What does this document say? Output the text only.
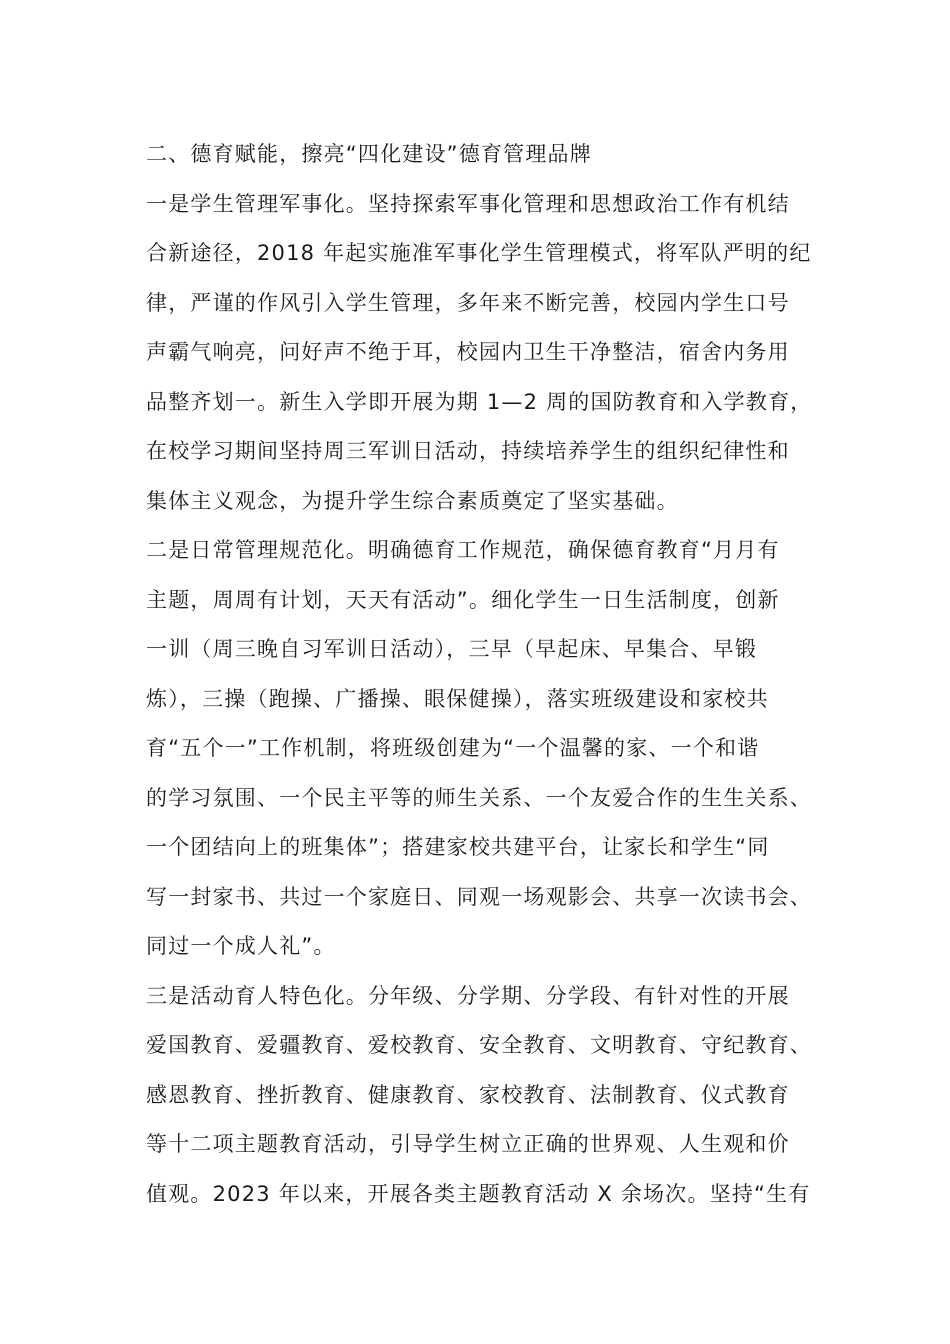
二、德育赋能，擦亮“四化建设”德育管理品牌
一是学生管理军事化。坚持探索军事化管理和思想政治工作有机结
合新途径，2018 年起实施准军事化学生管理模式，将军队严明的纪
律，严谨的作风引入学生管理，多年来不断完善，校园内学生口号
声霸气响亮，问好声不绝于耳，校园内卫生干净整洁，宿舍内务用
品整齐划一。新生入学即开展为期 1—2 周的国防教育和入学教育，
在校学习期间坚持周三军训日活动，持续培养学生的组织纪律性和
集体主义观念，为提升学生综合素质奠定了坚实基础。
二是日常管理规范化。明确德育工作规范，确保德育教育“月月有
主题，周周有计划，天天有活动”。细化学生一日生活制度，创新
一训（周三晚自习军训日活动），三早（早起床、早集合、早锻
炼），三操（跑操、广播操、眼保健操），落实班级建设和家校共
育“五个一”工作机制，将班级创建为“一个温馨的家、一个和谐
的学习氛围、一个民主平等的师生关系、一个友爱合作的生生关系、
一个团结向上的班集体”；搭建家校共建平台，让家长和学生“同
写一封家书、共过一个家庭日、同观一场观影会、共享一次读书会、
同过一个成人礼”。
三是活动育人特色化。分年级、分学期、分学段、有针对性的开展
爱国教育、爱疆教育、爱校教育、安全教育、文明教育、守纪教育、
感恩教育、挫折教育、健康教育、家校教育、法制教育、仪式教育
等十二项主题教育活动，引导学生树立正确的世界观、人生观和价
值观。2023 年以来，开展各类主题教育活动 X 余场次。坚持“生有
